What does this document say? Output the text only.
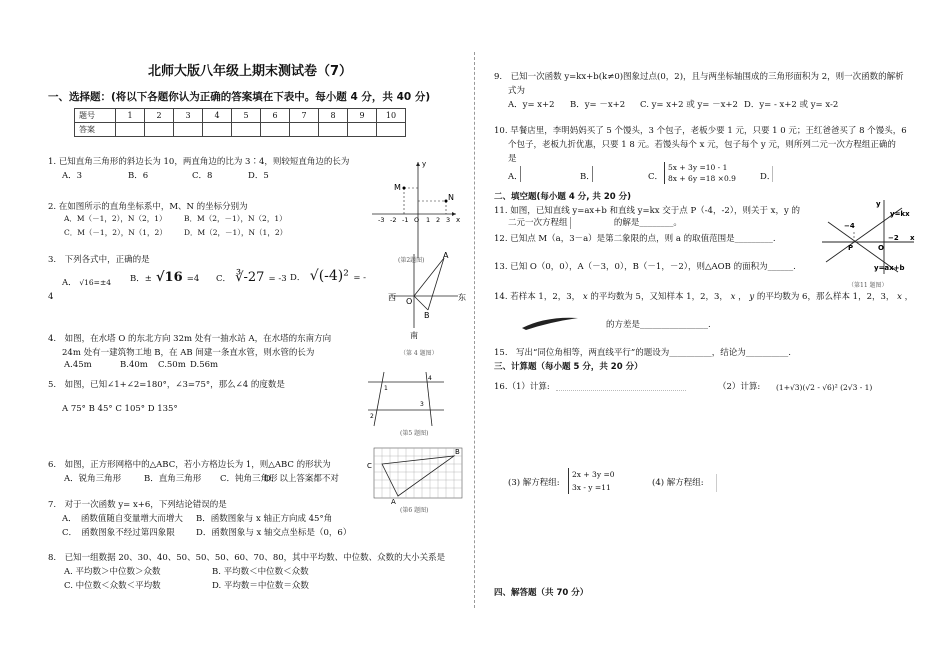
北师大版八年级上期末测试卷（7）
一、选择题：(将以下各题你认为正确的答案填在下表中。每小题 4 分，共 40 分)
题号	1	2	3	4	5	6	7	8	9	10
答案										
1. 已知直角三角形的斜边长为 10，两直角边的比为 3∶4，则较短直角边的长为
A．3	B．6	C．8	D．5
2. 在如图所示的直角坐标系中，M、N 的坐标分别为
A．M（－1，2），N（2，1） B．M（2，－1），N（2，1）
C．M（－1，2），N（1，2） D．M（2，－1），N（1，2）
3.　下列各式中，正确的是
A． √16=±4 B．± √16 =4 C． ∛-27 = -3 D． √(-4)² = -
4
4.　如图，在水塔 O 的东北方向 32m 处有一抽水站 A，在水塔的东南方向
24m 处有一建筑物工地 B，在 AB 间建一条直水管，则水管的长为
A.45m	B.40m C.50m D.56m
5.　如图，已知∠1+∠2=180°，∠3=75°，那么∠4 的度数是
A 75° B 45° C 105° D 135°
6.　如图，正方形网格中的△ABC，若小方格边长为 1，则△ABC 的形状为
A．锐角三角形	B．直角三角形 C．钝角三角形
D．以上答案都不对
7.　对于一次函数 y= x+6，下列结论错误的是
A．　函数值随自变量增大而增大 B．函数图象与 x 轴正方向成 45°角
C．　函数图象不经过第四象限 D．函数图象与 x 轴交点坐标是（0，6）
8.　已知一组数据 20、30、40、50、50、50、60、70、80，其中平均数、中位数、众数的大小关系是
A. 平均数＞中位数＞众数	B. 平均数＜中位数＜众数
C. 中位数＜众数＜平均数	D. 平均数＝中位数＝众数
y
x
M
N
-3 -2 -1 O 1 2 3
(第2题图)
西	东
南
O
A
B
（第 4 题图）
1
2
3
4
(第5 题图)
C
B
A
(第6 题图)
9.　已知一次函数 y=kx+b(k≠0)图象过点(0，2)，且与两坐标轴围成的三角形面积为 2，则一次函数的解析
式为
A．y= x+2 B．y= －x+2 C. y= x+2 或 y= －x+2 D．y= - x+2 或 y= x-2
10. 早餐店里，李明妈妈买了 5 个馒头，3 个包子，老板少要 1 元，只要 1 0 元；王红爸爸买了 8 个馒头，6
个包子，老板九折优惠，只要 1 8 元。若馒头每个 x 元，包子每个 y 元，则所列二元一次方程组正确的
是
A．	B．	C．
5x + 3y =10 - 1
8x + 6y =18 ×0.9	D．
二、填空题(每小题 4 分, 共 20 分)
11. 如图，已知直线 y=ax+b 和直线 y=kx 交于点 P（-4，-2），则关于 x，y 的
二元一次方程组	的解是________。
y=kx
y=ax+b
−4
−2 x
y
O
P
（第11 题图）
12. 已知点 M（a，3－a）是第二象限的点，则 a 的取值范围是_________.
13. 已知 O（0，0），A（－3，0），B（－1，－2），则△AOB 的面积为______.
14. 若样本 1，2，3， x 的平均数为 5，又知样本 1，2，3， x ， y 的平均数为 6，那么样本 1，2，3， x ，
的方差是________________.
15.　写出“同位角相等，两直线平行”的题设为__________，结论为__________.
三、计算题（每小题 5 分，共 20 分）
16.（1）计算:	（2）计算: (1+√3)(√2 - √6)² (2√3 - 1)
(3) 解方程组:
2x + 3y =0
3x - y =11	(4) 解方程组:
四、解答题（共 70 分）
